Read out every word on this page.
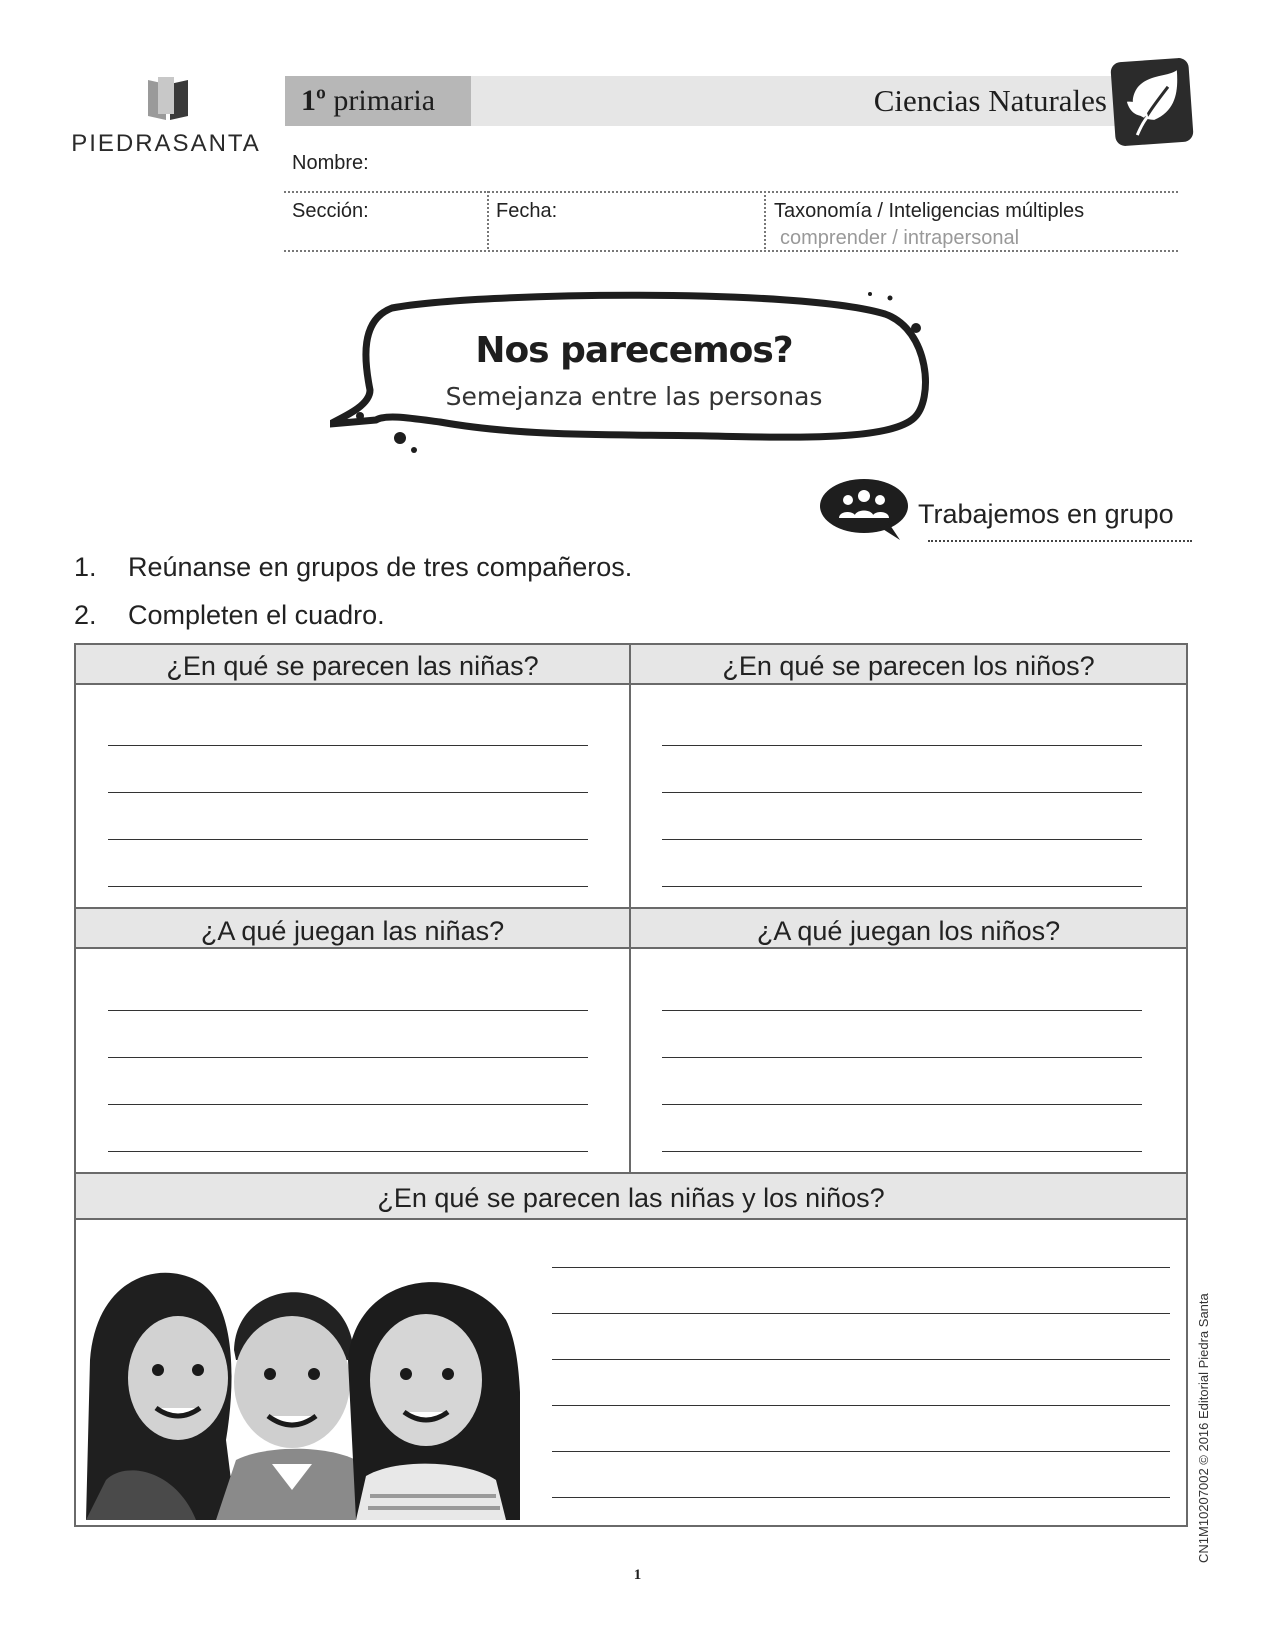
PIEDRASANTA
1º primaria	Ciencias Naturales
Nombre:
Sección:	Fecha:	Taxonomía / Inteligencias múltiples
comprender / intrapersonal
Nos parecemos?
Semejanza entre las personas
Trabajemos en grupo
1. Reúnanse en grupos de tres compañeros.
2. Completen el cuadro.
¿En qué se parecen las niñas?	¿En qué se parecen los niños?
¿A qué juegan las niñas?	¿A qué juegan los niños?
¿En qué se parecen las niñas y los niños?
CN1M10207002 © 2016 Editorial Piedra Santa
1
